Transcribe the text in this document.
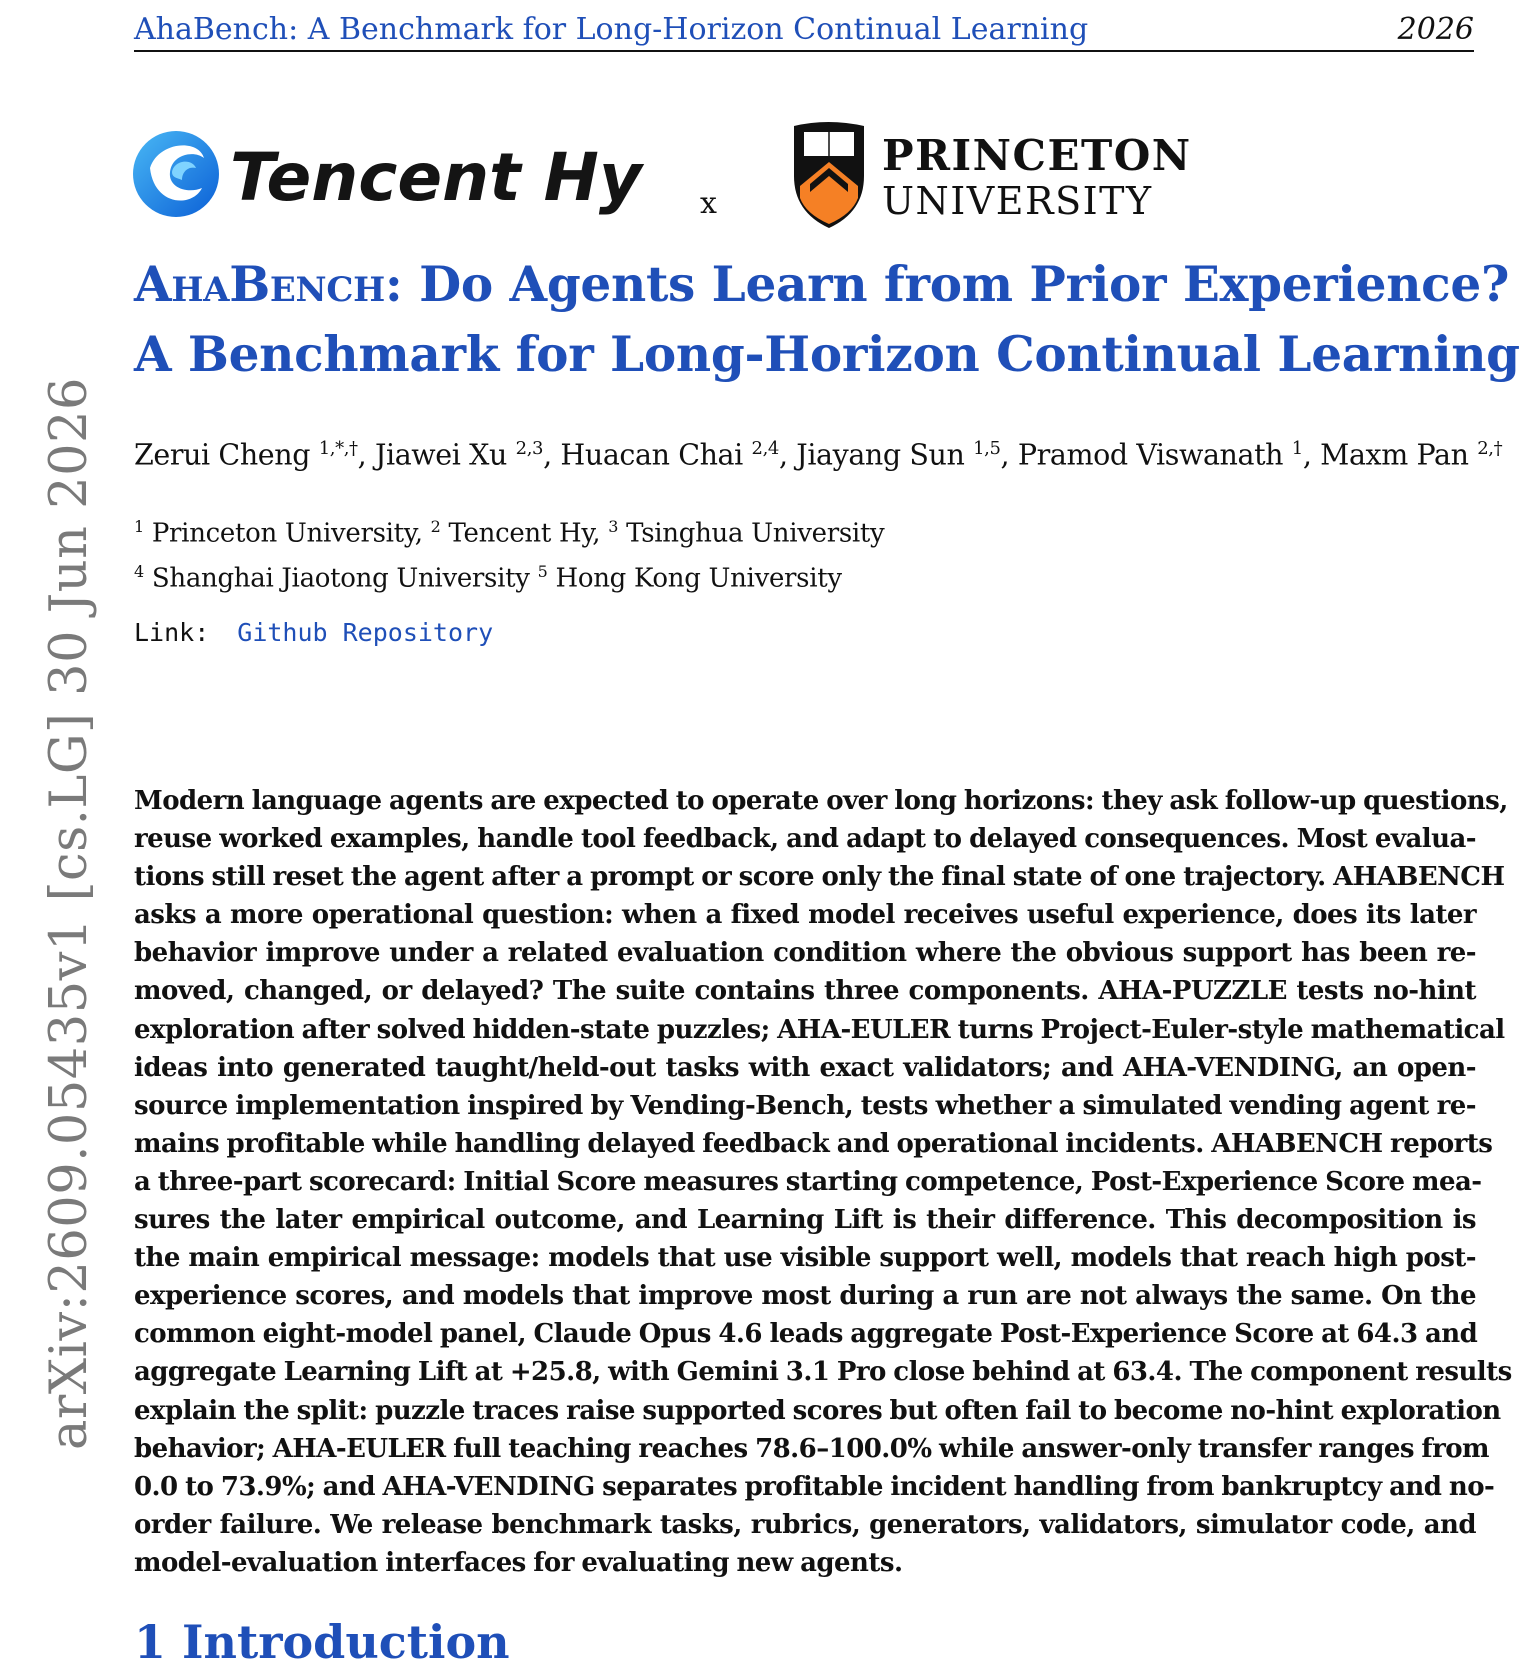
AhaBench: A Benchmark for Long-Horizon Continual Learning	2026
arXiv:2609.05435v1 [cs.LG] 30 Jun 2026
Tencent Hy x
PRINCETON
UNIVERSITY
AhaBench: Do Agents Learn from Prior Experience?
A Benchmark for Long-Horizon Continual Learning
Zerui Cheng $^{1,*,\dagger}$, Jiawei Xu $^{2,3}$, Huacan Chai $^{2,4}$, Jiayang Sun $^{1,5}$, Pramod Viswanath $^1$, Maxm Pan $^{2,\dagger}$
$^1$ Princeton University, $^2$ Tencent Hy, $^3$ Tsinghua University
$^4$ Shanghai Jiaotong University $^5$ Hong Kong University
Link: Github Repository
Modern language agents are expected to operate over long horizons: they ask follow-up questions,
reuse worked examples, handle tool feedback, and adapt to delayed consequences. Most evalua-
tions still reset the agent after a prompt or score only the final state of one trajectory. AHABENCH
asks a more operational question: when a fixed model receives useful experience, does its later
behavior improve under a related evaluation condition where the obvious support has been re-
moved, changed, or delayed? The suite contains three components. AHA-PUZZLE tests no-hint
exploration after solved hidden-state puzzles; AHA-EULER turns Project-Euler-style mathematical
ideas into generated taught/held-out tasks with exact validators; and AHA-VENDING, an open-
source implementation inspired by Vending-Bench, tests whether a simulated vending agent re-
mains profitable while handling delayed feedback and operational incidents. AHABENCH reports
a three-part scorecard: Initial Score measures starting competence, Post-Experience Score mea-
sures the later empirical outcome, and Learning Lift is their difference. This decomposition is
the main empirical message: models that use visible support well, models that reach high post-
experience scores, and models that improve most during a run are not always the same. On the
common eight-model panel, Claude Opus 4.6 leads aggregate Post-Experience Score at 64.3 and
aggregate Learning Lift at +25.8, with Gemini 3.1 Pro close behind at 63.4. The component results
explain the split: puzzle traces raise supported scores but often fail to become no-hint exploration
behavior; AHA-EULER full teaching reaches 78.6–100.0% while answer-only transfer ranges from
0.0 to 73.9%; and AHA-VENDING separates profitable incident handling from bankruptcy and no-
order failure. We release benchmark tasks, rubrics, generators, validators, simulator code, and
model-evaluation interfaces for evaluating new agents.
1 Introduction
